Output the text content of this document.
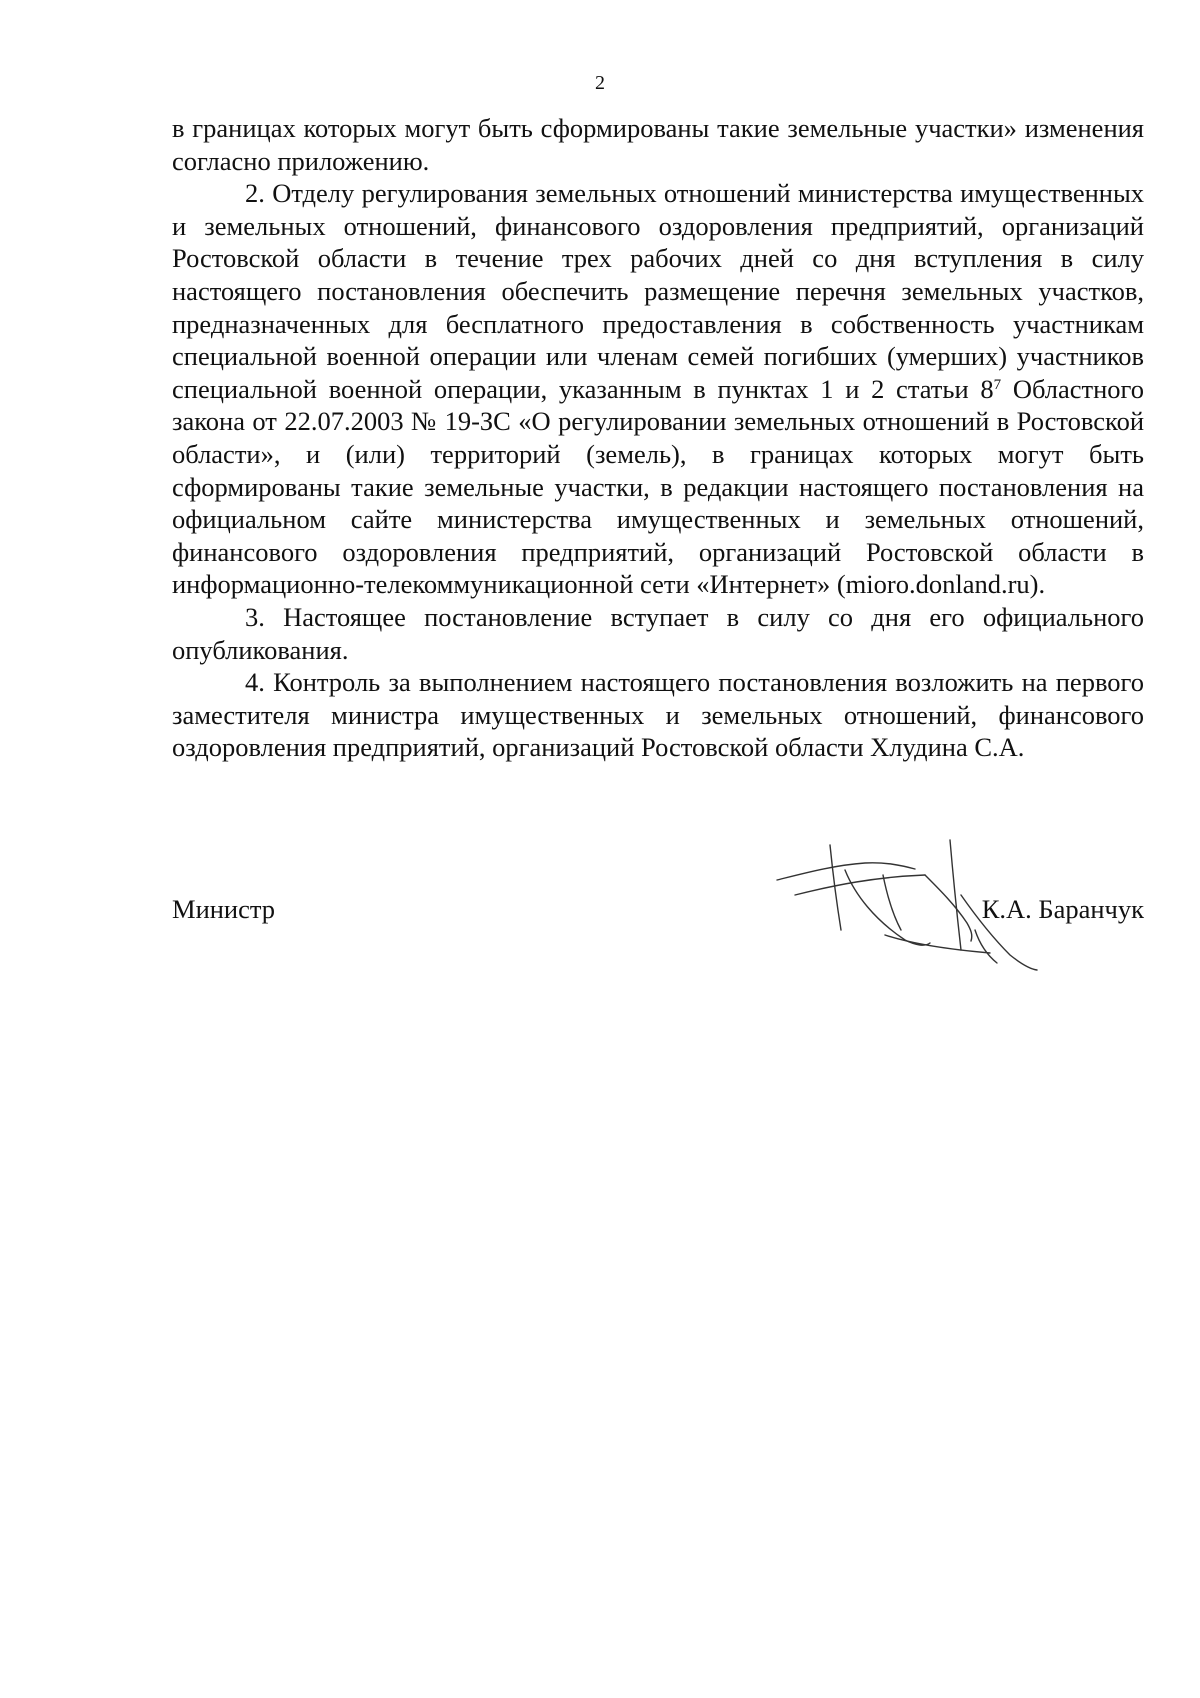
2

в границах которых могут быть сформированы такие земельные участки» изменения согласно приложению.

2. Отделу регулирования земельных отношений министерства имущественных и земельных отношений, финансового оздоровления предприятий, организаций Ростовской области в течение трех рабочих дней со дня вступления в силу настоящего постановления обеспечить размещение перечня земельных участков, предназначенных для бесплатного предоставления в собственность участникам специальной военной операции или членам семей погибших (умерших) участников специальной военной операции, указанным в пунктах 1 и 2 статьи $8^7$ Областного закона от 22.07.2003 № 19-ЗС «О регулировании земельных отношений в Ростовской области», и (или) территорий (земель), в границах которых могут быть сформированы такие земельные участки, в редакции настоящего постановления на официальном сайте министерства имущественных и земельных отношений, финансового оздоровления предприятий, организаций Ростовской области в информационно-телекоммуникационной сети «Интернет» (mioro.donland.ru).

3. Настоящее постановление вступает в силу со дня его официального опубликования.

4. Контроль за выполнением настоящего постановления возложить на первого заместителя министра имущественных и земельных отношений, финансового оздоровления предприятий, организаций Ростовской области Хлудина С.А.

Министр	К.А. Баранчук
